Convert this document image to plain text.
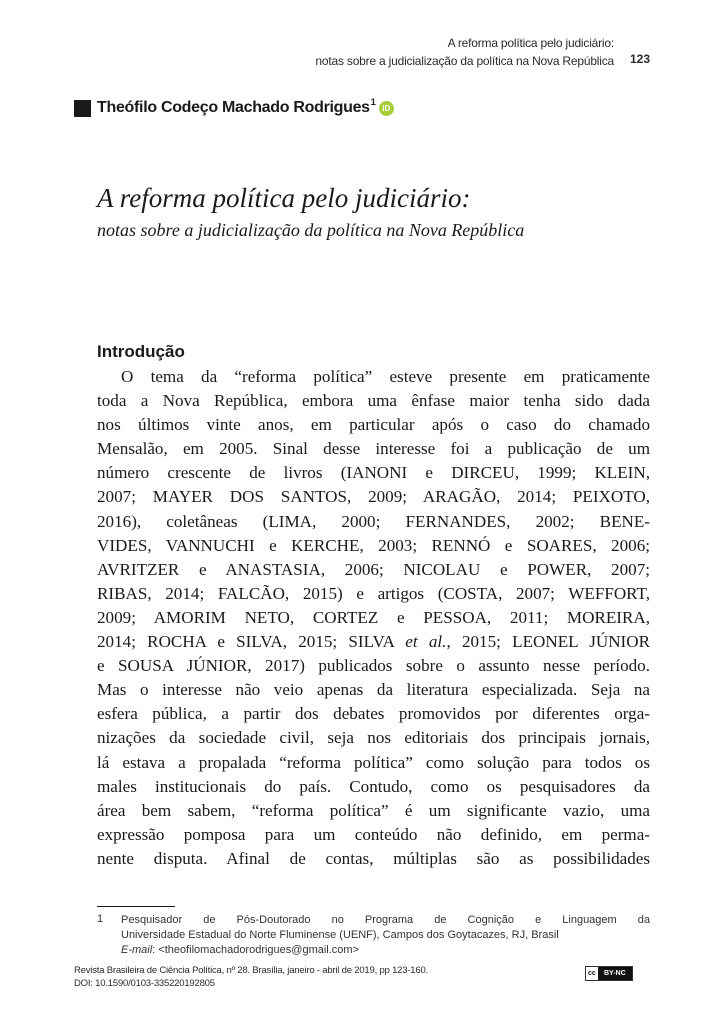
A reforma política pelo judiciário:
notas sobre a judicialização da política na Nova República 123
Theófilo Codeço Machado Rodrigues 1
iD
A reforma política pelo judiciário:
notas sobre a judicialização da política na Nova República
Introdução
O tema da “reforma política” esteve presente em praticamente
toda a Nova República, embora uma ênfase maior tenha sido dada
nos últimos vinte anos, em particular após o caso do chamado
Mensalão, em 2005. Sinal desse interesse foi a publicação de um
número crescente de livros (IANONI e DIRCEU, 1999; KLEIN,
2007; MAYER DOS SANTOS, 2009; ARAGÃO, 2014; PEIXOTO,
2016), coletâneas (LIMA, 2000; FERNANDES, 2002; BENE-
VIDES, VANNUCHI e KERCHE, 2003; RENNÓ e SOARES, 2006;
AVRITZER e ANASTASIA, 2006; NICOLAU e POWER, 2007;
RIBAS, 2014; FALCÃO, 2015) e artigos (COSTA, 2007; WEFFORT,
2009; AMORIM NETO, CORTEZ e PESSOA, 2011; MOREIRA,
2014; ROCHA e SILVA, 2015; SILVA et al., 2015; LEONEL JÚNIOR
e SOUSA JÚNIOR, 2017) publicados sobre o assunto nesse período.
Mas o interesse não veio apenas da literatura especializada. Seja na
esfera pública, a partir dos debates promovidos por diferentes orga-
nizações da sociedade civil, seja nos editoriais dos principais jornais,
lá estava a propalada “reforma política” como solução para todos os
males institucionais do país. Contudo, como os pesquisadores da
área bem sabem, “reforma política” é um significante vazio, uma
expressão pomposa para um conteúdo não definido, em perma-
nente disputa. Afinal de contas, múltiplas são as possibilidades
1 Pesquisador de Pós-Doutorado no Programa de Cognição e Linguagem da
Universidade Estadual do Norte Fluminense (UENF), Campos dos Goytacazes, RJ, Brasil
E-mail: <theofilomachadorodrigues@gmail.com>
Revista Brasileira de Ciência Política, nº 28. Brasília, janeiro - abril de 2019, pp 123-160.
DOI: 10.1590/0103-335220192805
cc	BY-NC
